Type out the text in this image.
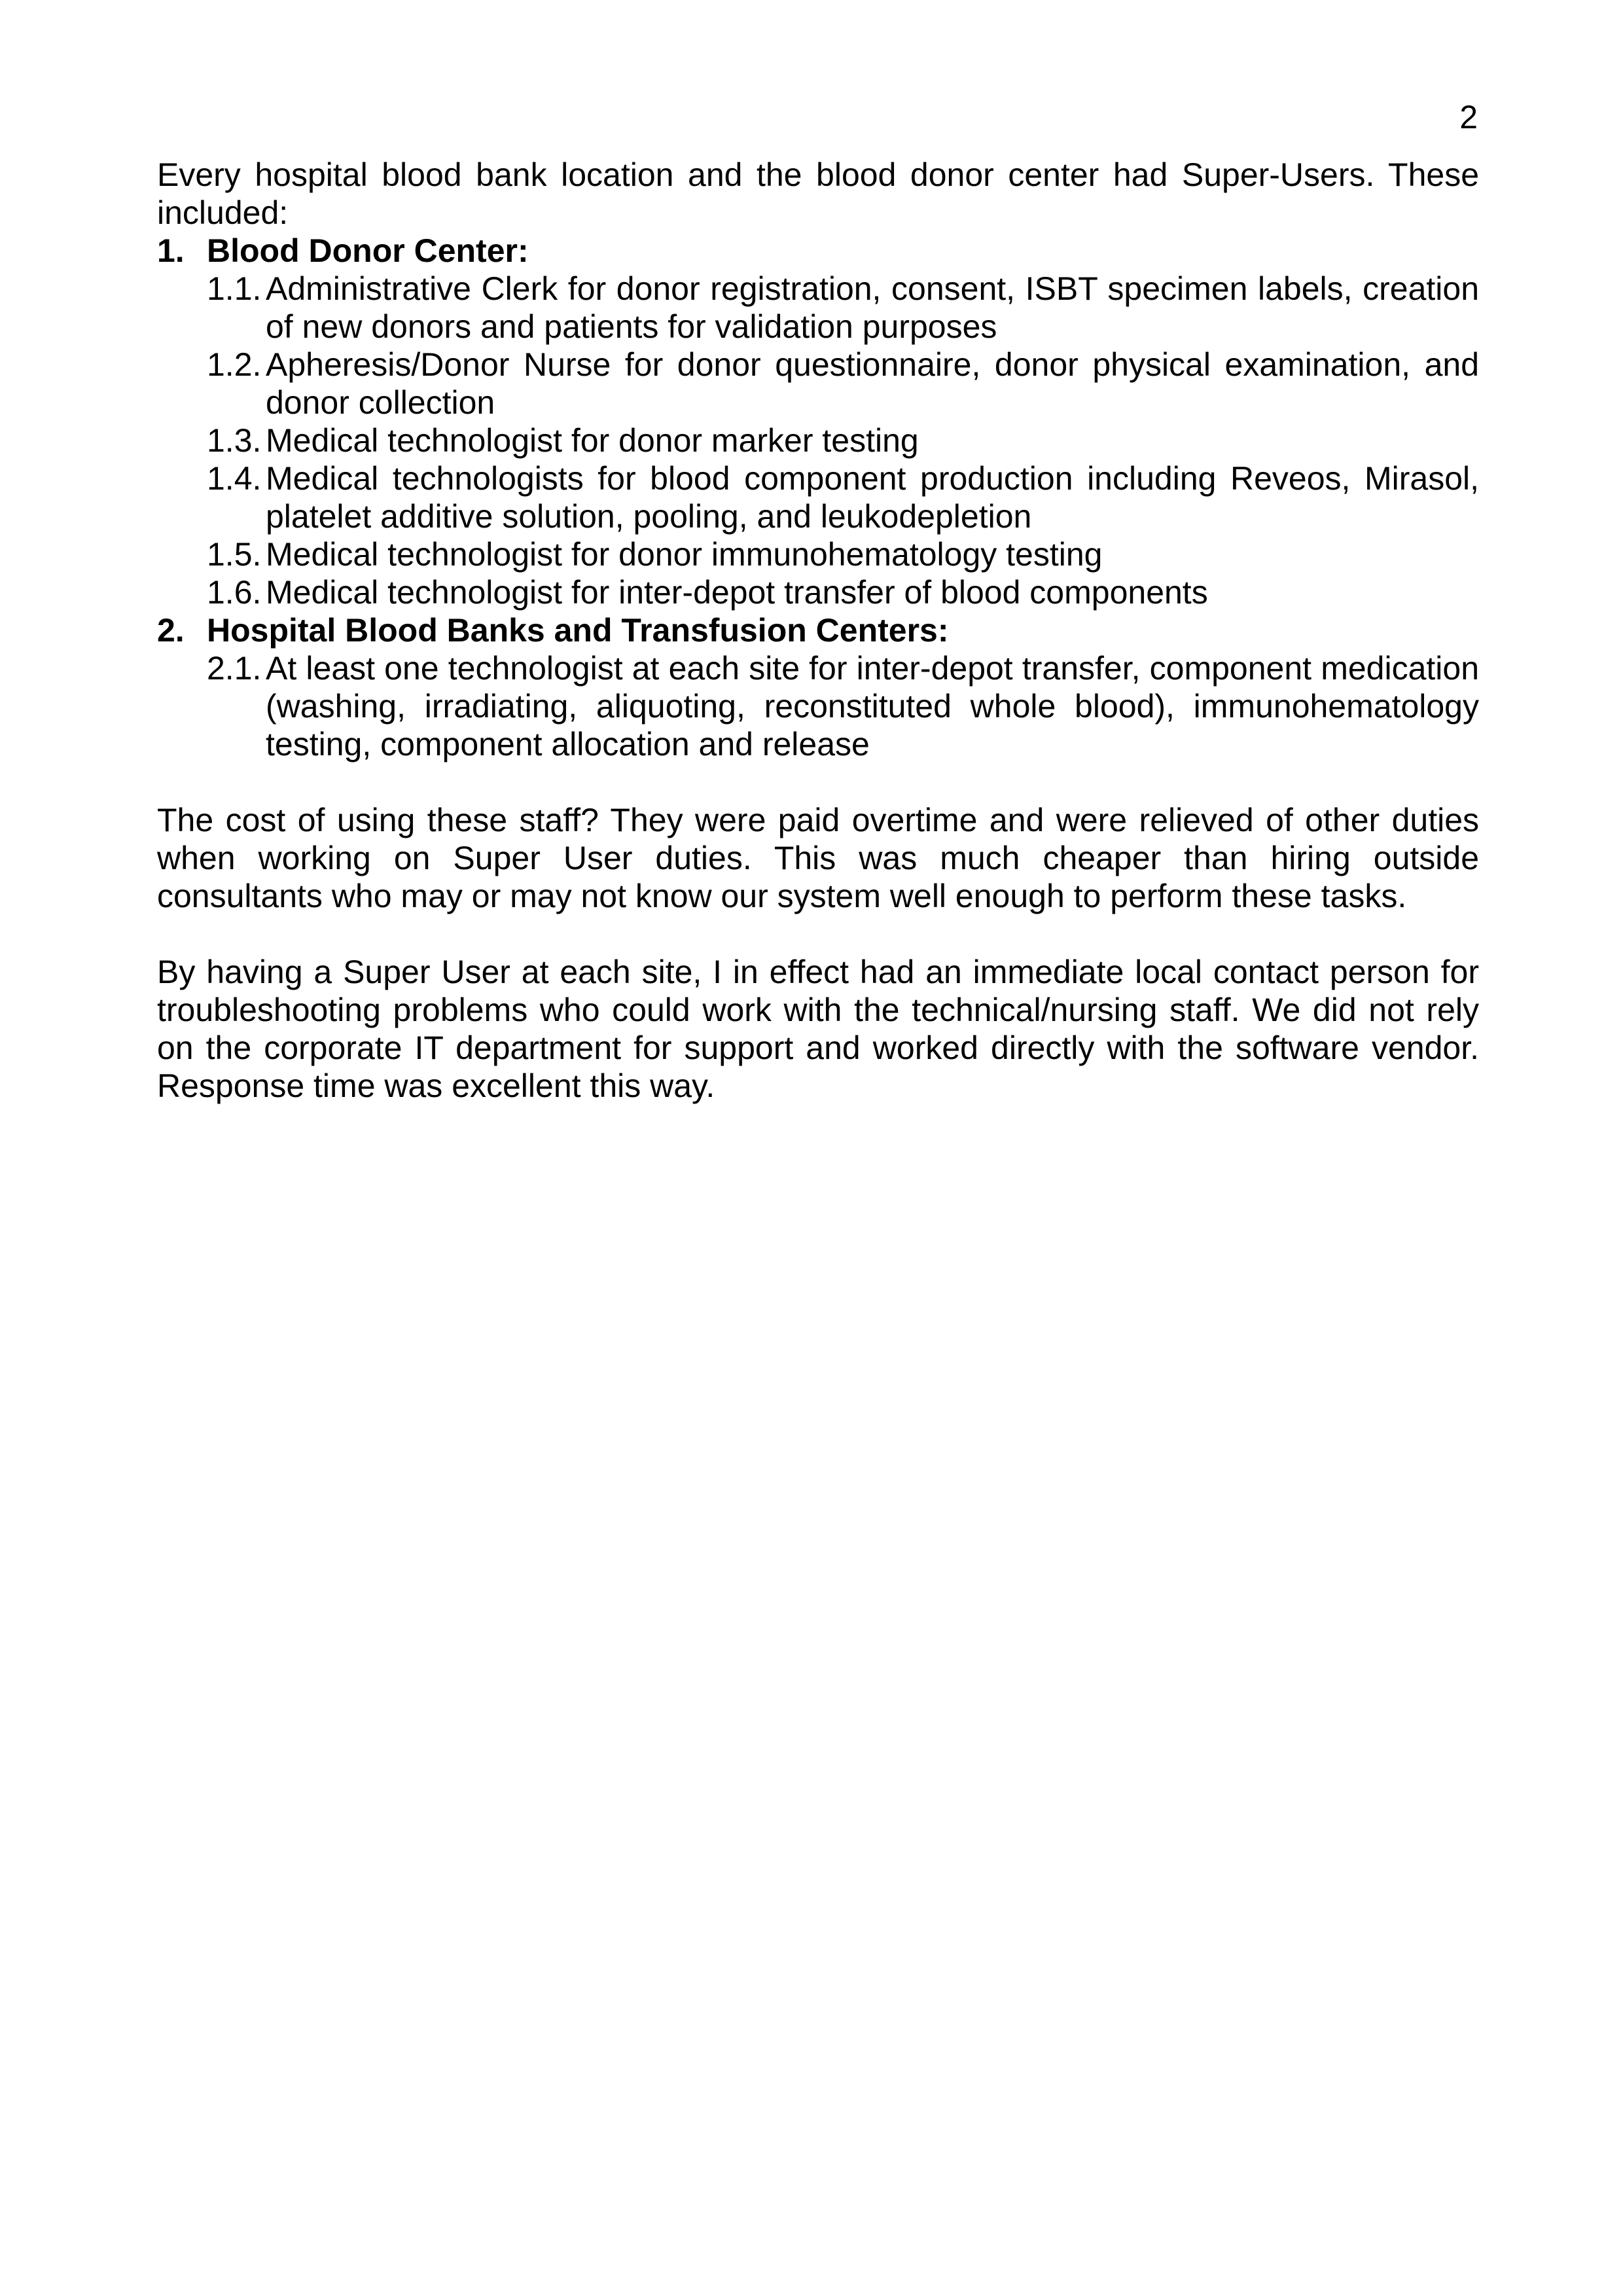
2

Every hospital blood bank location and the blood donor center had Super-Users. These included:

1. Blood Donor Center:
1.1. Administrative Clerk for donor registration, consent, ISBT specimen labels, creation of new donors and patients for validation purposes
1.2. Apheresis/Donor Nurse for donor questionnaire, donor physical examination, and donor collection
1.3. Medical technologist for donor marker testing
1.4. Medical technologists for blood component production including Reveos, Mirasol, platelet additive solution, pooling, and leukodepletion
1.5. Medical technologist for donor immunohematology testing
1.6. Medical technologist for inter-depot transfer of blood components
2. Hospital Blood Banks and Transfusion Centers:
2.1. At least one technologist at each site for inter-depot transfer, component medication (washing, irradiating, aliquoting, reconstituted whole blood), immunohematology testing, component allocation and release

The cost of using these staff? They were paid overtime and were relieved of other duties when working on Super User duties. This was much cheaper than hiring outside consultants who may or may not know our system well enough to perform these tasks.

By having a Super User at each site, I in effect had an immediate local contact person for troubleshooting problems who could work with the technical/nursing staff. We did not rely on the corporate IT department for support and worked directly with the software vendor. Response time was excellent this way.
